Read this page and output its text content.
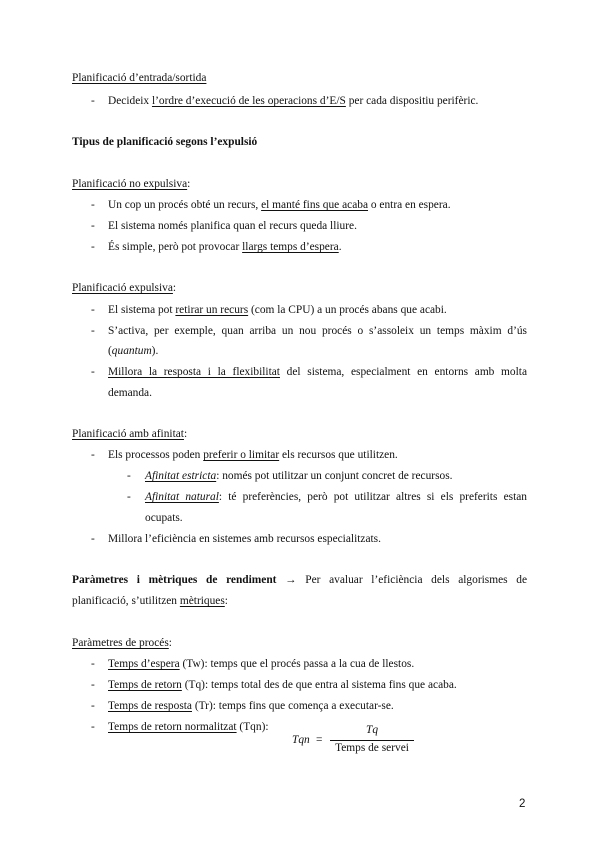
Planificació d’entrada/sortida
- Decideix l’ordre d’execució de les operacions d’E/S per cada dispositiu perifèric.
Tipus de planificació segons l’expulsió
Planificació no expulsiva:
- Un cop un procés obté un recurs, el manté fins que acaba o entra en espera.
- El sistema només planifica quan el recurs queda lliure.
- És simple, però pot provocar llargs temps d’espera.
Planificació expulsiva:
- El sistema pot retirar un recurs (com la CPU) a un procés abans que acabi.
- S’activa, per exemple, quan arriba un nou procés o s’assoleix un temps màxim d’ús
(quantum).
- Millora la resposta i la flexibilitat del sistema, especialment en entorns amb molta
demanda.
Planificació amb afinitat:
- Els processos poden preferir o limitar els recursos que utilitzen.
- Afinitat estricta: només pot utilitzar un conjunt concret de recursos.
- Afinitat natural: té preferències, però pot utilitzar altres si els preferits estan
ocupats.
- Millora l’eficiència en sistemes amb recursos especialitzats.
Paràmetres i mètriques de rendiment → Per avaluar l’eficiència dels algorismes de
planificació, s’utilitzen mètriques:
Paràmetres de procés:
- Temps d’espera (Tw): temps que el procés passa a la cua de llestos.
- Temps de retorn (Tq): temps total des de que entra al sistema fins que acaba.
- Temps de resposta (Tr): temps fins que comença a executar-se.
- Temps de retorn normalitzat (Tqn):
Tqn =
Tq
Temps de servei
2
